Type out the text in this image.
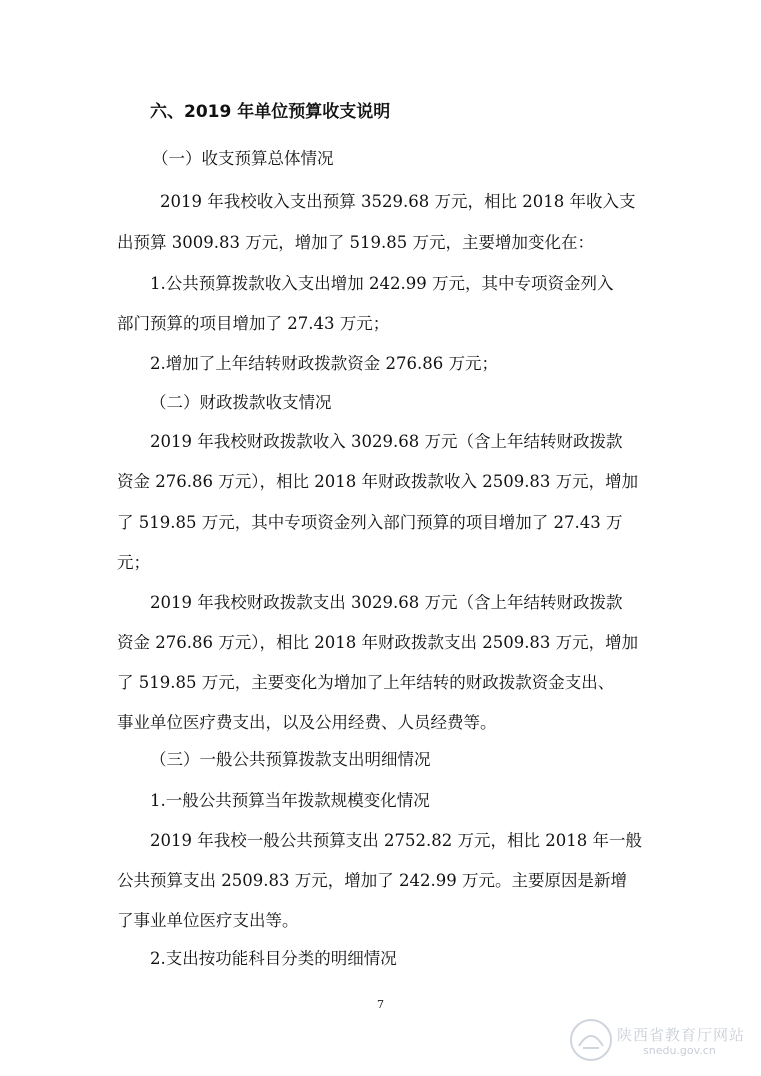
六、2019 年单位预算收支说明
（一）收支预算总体情况
2019 年我校收入支出预算 3529.68 万元，相比 2018 年收入支
出预算 3009.83 万元，增加了 519.85 万元，主要增加变化在：
1.公共预算拨款收入支出增加 242.99 万元，其中专项资金列入
部门预算的项目增加了 27.43 万元；
2.增加了上年结转财政拨款资金 276.86 万元；
（二）财政拨款收支情况
2019 年我校财政拨款收入 3029.68 万元（含上年结转财政拨款
资金 276.86 万元），相比 2018 年财政拨款收入 2509.83 万元，增加
了 519.85 万元，其中专项资金列入部门预算的项目增加了 27.43 万
元；
2019 年我校财政拨款支出 3029.68 万元（含上年结转财政拨款
资金 276.86 万元），相比 2018 年财政拨款支出 2509.83 万元，增加
了 519.85 万元，主要变化为增加了上年结转的财政拨款资金支出、
事业单位医疗费支出，以及公用经费、人员经费等。
（三）一般公共预算拨款支出明细情况
1.一般公共预算当年拨款规模变化情况
2019 年我校一般公共预算支出 2752.82 万元，相比 2018 年一般
公共预算支出 2509.83 万元，增加了 242.99 万元。主要原因是新增
了事业单位医疗支出等。
2.支出按功能科目分类的明细情况
7
陕西省教育厅网站
snedu.gov.cn
